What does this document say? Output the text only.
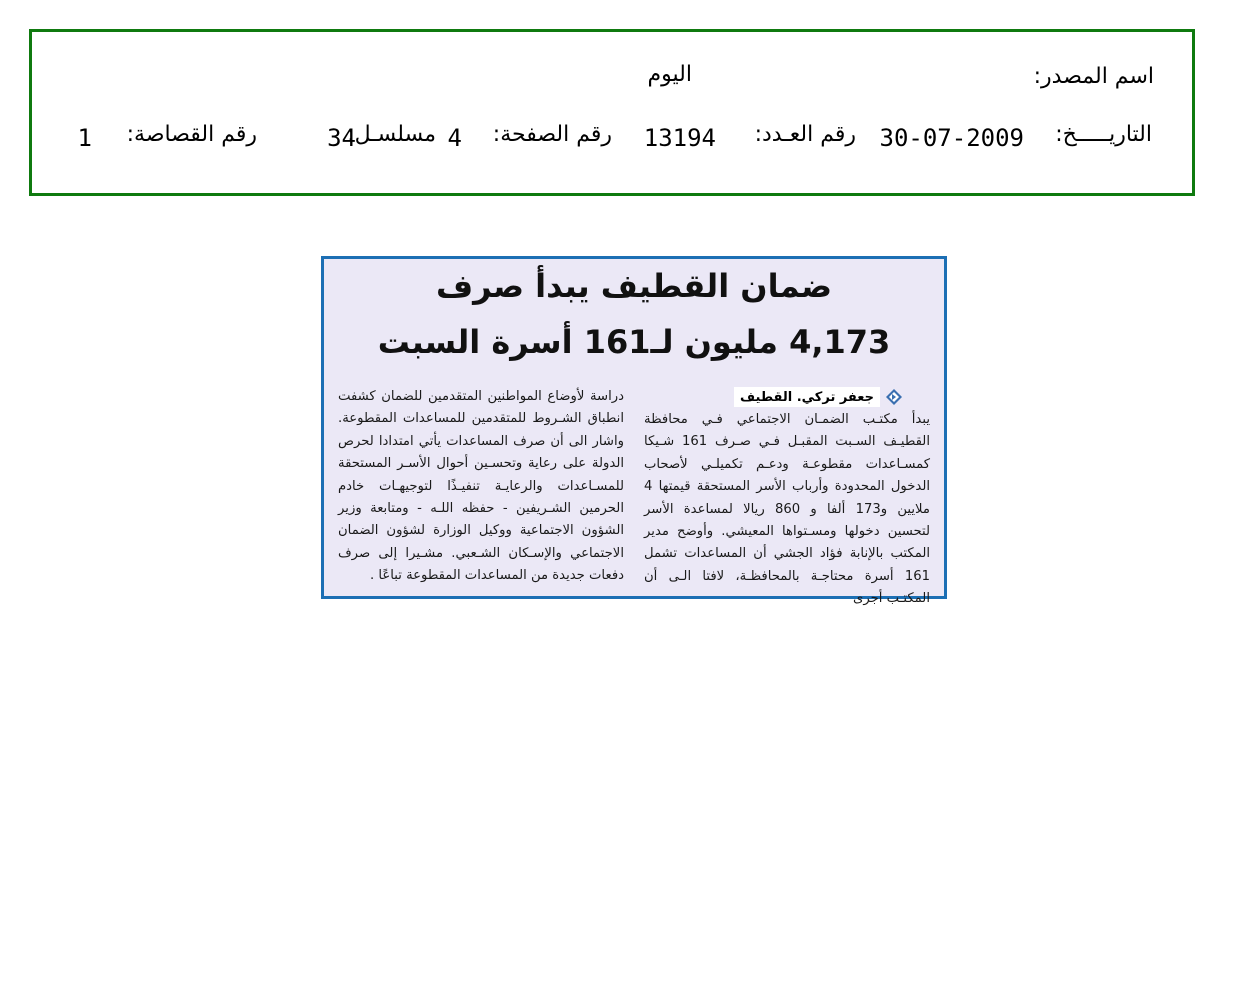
اسم المصدر:
اليوم
التاريـــــخ:
30-07-2009
رقم العـدد:
13194
رقم الصفحة:
4
مسلسـل:
34
رقم القصاصة:
1
ضمان القطيف يبدأ صرف
4,173 مليون لـ161 أسرة السبت
جعفر تركي. القطيف

يبدأ مكتـب الضمـان الاجتماعي فـي محافظة القطيـف السـبت المقبـل فـي صـرف 161 شـيكا كمسـاعدات مقطوعـة ودعـم تكميلـي لأصحاب الدخول المحدودة وأرباب الأسر المستحقة قيمتها 4 ملايين و173 ألفا و 860 ريالا لمساعدة الأسر لتحسين دخولها ومسـتواها المعيشي. وأوضح مدير المكتب بالإنابة فؤاد الجشي أن المساعدات تشمل 161 أسرة محتاجـة بالمحافظـة، لافتا الـى أن المكتـب أجرى

دراسة لأوضاع المواطنين المتقدمين للضمان كشفت انطباق الشـروط للمتقدمين للمساعدات المقطوعة. واشار الى أن صرف المساعدات يأتي امتدادا لحرص الدولة على رعاية وتحسـين أحوال الأسـر المستحقة للمسـاعدات والرعايـة تنفيـذًا لتوجيهـات خادم الحرمين الشـريفين - حفظه اللـه - ومتابعة وزير الشؤون الاجتماعية ووكيل الوزارة لشؤون الضمان الاجتماعي والإسـكان الشـعبي. مشـيرا إلى صرف دفعات جديدة من المساعدات المقطوعة تباعًا .
